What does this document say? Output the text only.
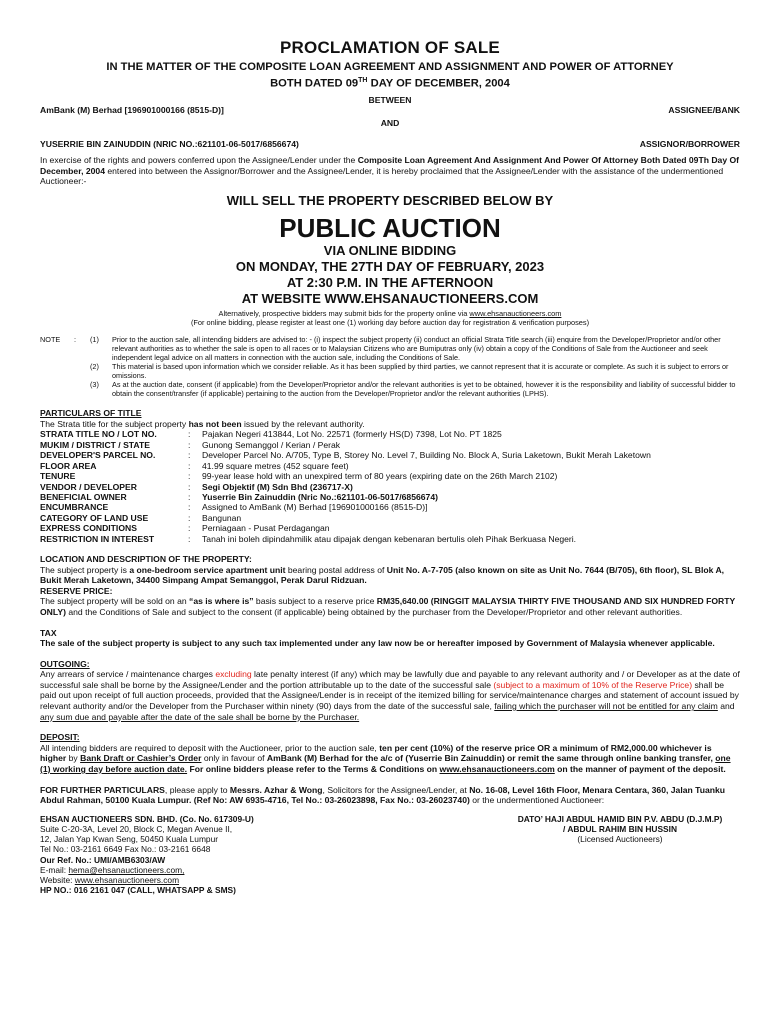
PROCLAMATION OF SALE
IN THE MATTER OF THE COMPOSITE LOAN AGREEMENT AND ASSIGNMENT AND POWER OF ATTORNEY
BOTH DATED 09TH DAY OF DECEMBER, 2004
BETWEEN
AmBank (M) Berhad [196901000166 (8515-D)]	ASSIGNEE/BANK
AND
YUSERRIE BIN ZAINUDDIN (NRIC NO.:621101-06-5017/6856674)	ASSIGNOR/BORROWER

In exercise of the rights and powers conferred upon the Assignee/Lender under the Composite Loan Agreement And Assignment And Power Of Attorney Both Dated 09Th Day Of December, 2004 entered into between the Assignor/Borrower and the Assignee/Lender, it is hereby proclaimed that the Assignee/Lender with the assistance of the undermentioned Auctioneer:-

WILL SELL THE PROPERTY DESCRIBED BELOW BY
PUBLIC AUCTION
VIA ONLINE BIDDING
ON MONDAY, THE 27TH DAY OF FEBRUARY, 2023
AT 2:30 P.M. IN THE AFTERNOON
AT WEBSITE WWW.EHSANAUCTIONEERS.COM
Alternatively, prospective bidders may submit bids for the property online via www.ehsanauctioneers.com
(For online bidding, please register at least one (1) working day before auction day for registration & verification purposes)
NOTE	:	(1)	Prior to the auction sale, all intending bidders are advised to: - (i) inspect the subject property (ii) conduct an official Strata Title search (iii) enquire from the Developer/Proprietor and/or other relevant authorities as to whether the sale is open to all races or to Malaysian Citizens who are Bumiputras only (iv) obtain a copy of the Conditions of Sale from the Auctioneer and seek independent legal advice on all matters in connection with the auction sale, including the Conditions of Sale.
(2)	This material is based upon information which we consider reliable. As it has been supplied by third parties, we cannot represent that it is accurate or complete. As such it is subject to errors or omissions.
(3)	As at the auction date, consent (if applicable) from the Developer/Proprietor and/or the relevant authorities is yet to be obtained, however it is the responsibility and liability of successful bidder to obtain the consent/transfer (if applicable) pertaining to the auction from the Developer/Proprietor and/or the relevant authorities (LPHS).
PARTICULARS OF TITLE
The Strata title for the subject property has not been issued by the relevant authority.
STRATA TITLE NO / LOT NO.	:	Pajakan Negeri 413844, Lot No. 22571 (formerly HS(D) 7398, Lot No. PT 1825
MUKIM / DISTRICT / STATE	:	Gunong Semanggol / Kerian / Perak
DEVELOPER'S PARCEL NO.	:	Developer Parcel No. A/705, Type B, Storey No. Level 7, Building No. Block A, Suria Laketown, Bukit Merah Laketown
FLOOR AREA	:	41.99 square metres (452 square feet)
TENURE	:	99-year lease hold with an unexpired term of 80 years (expiring date on the 26th March 2102)
VENDOR / DEVELOPER	:	Segi Objektif (M) Sdn Bhd (236717-X)
BENEFICIAL OWNER	:	Yuserrie Bin Zainuddin (Nric No.:621101-06-5017/6856674)
ENCUMBRANCE	:	Assigned to AmBank (M) Berhad [196901000166 (8515-D)]
CATEGORY OF LAND USE	:	Bangunan
EXPRESS CONDITIONS	:	Perniagaan - Pusat Perdagangan
RESTRICTION IN INTEREST	:	Tanah ini boleh dipindahmilik atau dipajak dengan kebenaran bertulis oleh Pihak Berkuasa Negeri.
LOCATION AND DESCRIPTION OF THE PROPERTY:

The subject property is a one-bedroom service apartment unit bearing postal address of Unit No. A-7-705 (also known on site as Unit No. 7644 (B/705), 6th floor), SL Blok A, Bukit Merah Laketown, 34400 Simpang Ampat Semanggol, Perak Darul Ridzuan.

RESERVE PRICE:

The subject property will be sold on an “as is where is” basis subject to a reserve price RM35,640.00 (RINGGIT MALAYSIA THIRTY FIVE THOUSAND AND SIX HUNDRED FORTY ONLY) and the Conditions of Sale and subject to the consent (if applicable) being obtained by the purchaser from the Developer/Proprietor and other relevant authorities.

TAX

The sale of the subject property is subject to any such tax implemented under any law now be or hereafter imposed by Government of Malaysia whenever applicable.

OUTGOING:

Any arrears of service / maintenance charges excluding late penalty interest (if any) which may be lawfully due and payable to any relevant authority and / or Developer as at the date of successful sale shall be borne by the Assignee/Lender and the portion attributable up to the date of the successful sale (subject to a maximum of 10% of the Reserve Price) shall be paid out upon receipt of full auction proceeds, provided that the Assignee/Lender is in receipt of the itemized billing for service/maintenance charges and statement of account issued by relevant authority and/or the Developer from the Purchaser within ninety (90) days from the date of the successful sale, failing which the purchaser will not be entitled for any claim and any sum due and payable after the date of the sale shall be borne by the Purchaser.

DEPOSIT:

All intending bidders are required to deposit with the Auctioneer, prior to the auction sale, ten per cent (10%) of the reserve price OR a minimum of RM2,000.00 whichever is higher by Bank Draft or Cashier’s Order only in favour of AmBank (M) Berhad for the a/c of (Yuserrie Bin Zainuddin) or remit the same through online banking transfer, one (1) working day before auction date. For online bidders please refer to the Terms & Conditions on www.ehsanauctioneers.com on the manner of payment of the deposit.

FOR FURTHER PARTICULARS, please apply to Messrs. Azhar & Wong, Solicitors for the Assignee/Lender, at No. 16-08, Level 16th Floor, Menara Centara, 360, Jalan Tuanku Abdul Rahman, 50100 Kuala Lumpur. (Ref No: AW 6935-4716, Tel No.: 03-26023898, Fax No.: 03-26023740) or the undermentioned Auctioneer:

EHSAN AUCTIONEERS SDN. BHD. (Co. No. 617309-U)
Suite C-20-3A, Level 20, Block C, Megan Avenue II,
12, Jalan Yap Kwan Seng, 50450 Kuala Lumpur
Tel No.: 03-2161 6649 Fax No.: 03-2161 6648
Our Ref. No.: UMI/AMB6303/AW
E-mail: hema@ehsanauctioneers.com,
Website: www.ehsanauctioneers.com
HP NO.: 016 2161 047 (CALL, WHATSAPP & SMS)
DATO’ HAJI ABDUL HAMID BIN P.V. ABDU (D.J.M.P)
/ ABDUL RAHIM BIN HUSSIN
(Licensed Auctioneers)
